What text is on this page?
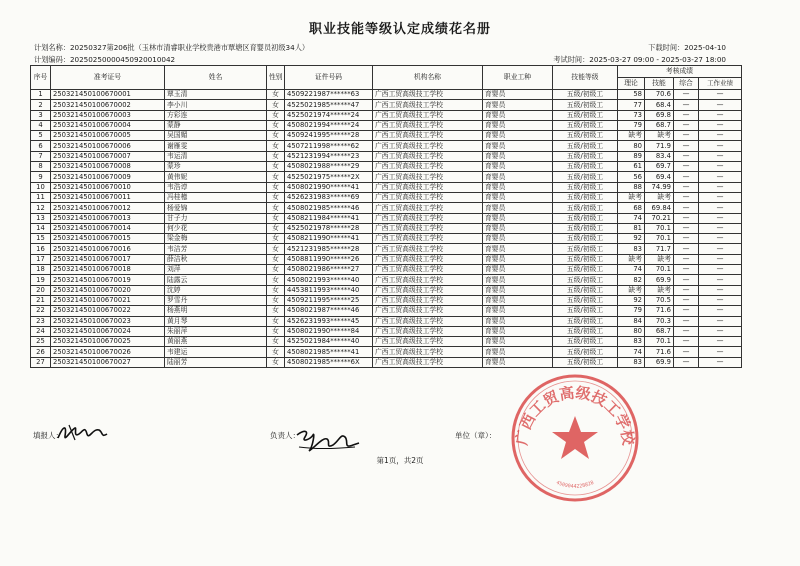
职业技能等级认定成绩花名册
计划名称：20250327第206批（玉林市清睿职业学校贵港市覃塘区育婴员初级34人）	下载时间：2025-04-10
计划编码：20250250000450920010042	考试时间：2025-03-27 09:00 - 2025-03-27 18:00
序号	准考证号	姓名	性别	证件号码	机构名称	职业工种	技能等级	考核成绩			
								理论	技能	综合	工作业绩
1	250321450100670001	覃玉清	女	4509221987******63	广西工贸高级技工学校	育婴员	五级/初级工	58	70.6	—	—
2	250321450100670002	李小川	女	4525021985******47	广西工贸高级技工学校	育婴员	五级/初级工	77	68.4	—	—
3	250321450100670003	方彩连	女	4525021974******24	广西工贸高级技工学校	育婴员	五级/初级工	73	69.8	—	—
4	250321450100670004	蒙静	女	4508021994******24	广西工贸高级技工学校	育婴员	五级/初级工	79	68.7	—	—
5	250321450100670005	吴国媚	女	4509241995******28	广西工贸高级技工学校	育婴员	五级/初级工	缺考	缺考	—	—
6	250321450100670006	谢雁雯	女	4507211998******62	广西工贸高级技工学校	育婴员	五级/初级工	80	71.9	—	—
7	250321450100670007	韦运清	女	4521231994******23	广西工贸高级技工学校	育婴员	五级/初级工	89	83.4	—	—
8	250321450100670008	蒙珍	女	4508021988******29	广西工贸高级技工学校	育婴员	五级/初级工	61	69.7	—	—
9	250321450100670009	黄伟妮	女	4525021975******2X	广西工贸高级技工学校	育婴员	五级/初级工	56	69.4	—	—
10	250321450100670010	韦浩谆	女	4508021990******41	广西工贸高级技工学校	育婴员	五级/初级工	88	74.99	—	—
11	250321450100670011	冯桂檍	女	4526231983******69	广西工贸高级技工学校	育婴员	五级/初级工	缺考	缺考	—	—
12	250321450100670012	杨爱锦	女	4508021985******46	广西工贸高级技工学校	育婴员	五级/初级工	68	69.84	—	—
13	250321450100670013	甘子力	女	4508211984******41	广西工贸高级技工学校	育婴员	五级/初级工	74	70.21	—	—
14	250321450100670014	何少花	女	4525021978******28	广西工贸高级技工学校	育婴员	五级/初级工	81	70.1	—	—
15	250321450100670015	梁金梅	女	4508211990******41	广西工贸高级技工学校	育婴员	五级/初级工	92	70.1	—	—
16	250321450100670016	韦洁芳	女	4521231985******28	广西工贸高级技工学校	育婴员	五级/初级工	83	71.7	—	—
17	250321450100670017	薛洁秋	女	4508811990******26	广西工贸高级技工学校	育婴员	五级/初级工	缺考	缺考	—	—
18	250321450100670018	刘萍	女	4508021986******27	广西工贸高级技工学校	育婴员	五级/初级工	74	70.1	—	—
19	250321450100670019	陆露云	女	4508021993******40	广西工贸高级技工学校	育婴员	五级/初级工	82	69.9	—	—
20	250321450100670020	沈婷	女	4453811993******40	广西工贸高级技工学校	育婴员	五级/初级工	缺考	缺考	—	—
21	250321450100670021	罗雪丹	女	4509211995******25	广西工贸高级技工学校	育婴员	五级/初级工	92	70.5	—	—
22	250321450100670022	杨燕明	女	4508021987******46	广西工贸高级技工学校	育婴员	五级/初级工	79	71.6	—	—
23	250321450100670023	黄月琴	女	4526231993******45	广西工贸高级技工学校	育婴员	五级/初级工	84	70.3	—	—
24	250321450100670024	朱丽萍	女	4508021990******84	广西工贸高级技工学校	育婴员	五级/初级工	80	68.7	—	—
25	250321450100670025	黄丽燕	女	4525021984******40	广西工贸高级技工学校	育婴员	五级/初级工	83	70.1	—	—
26	250321450100670026	韦建运	女	4508021985******41	广西工贸高级技工学校	育婴员	五级/初级工	74	71.6	—	—
27	250321450100670027	陆丽芳	女	4508021985******6X	广西工贸高级技工学校	育婴员	五级/初级工	83	69.9	—	—
填报人：	负责人：	单位（章）：
第1页，共2页
广西工贸高级技工学校
4509044228828
